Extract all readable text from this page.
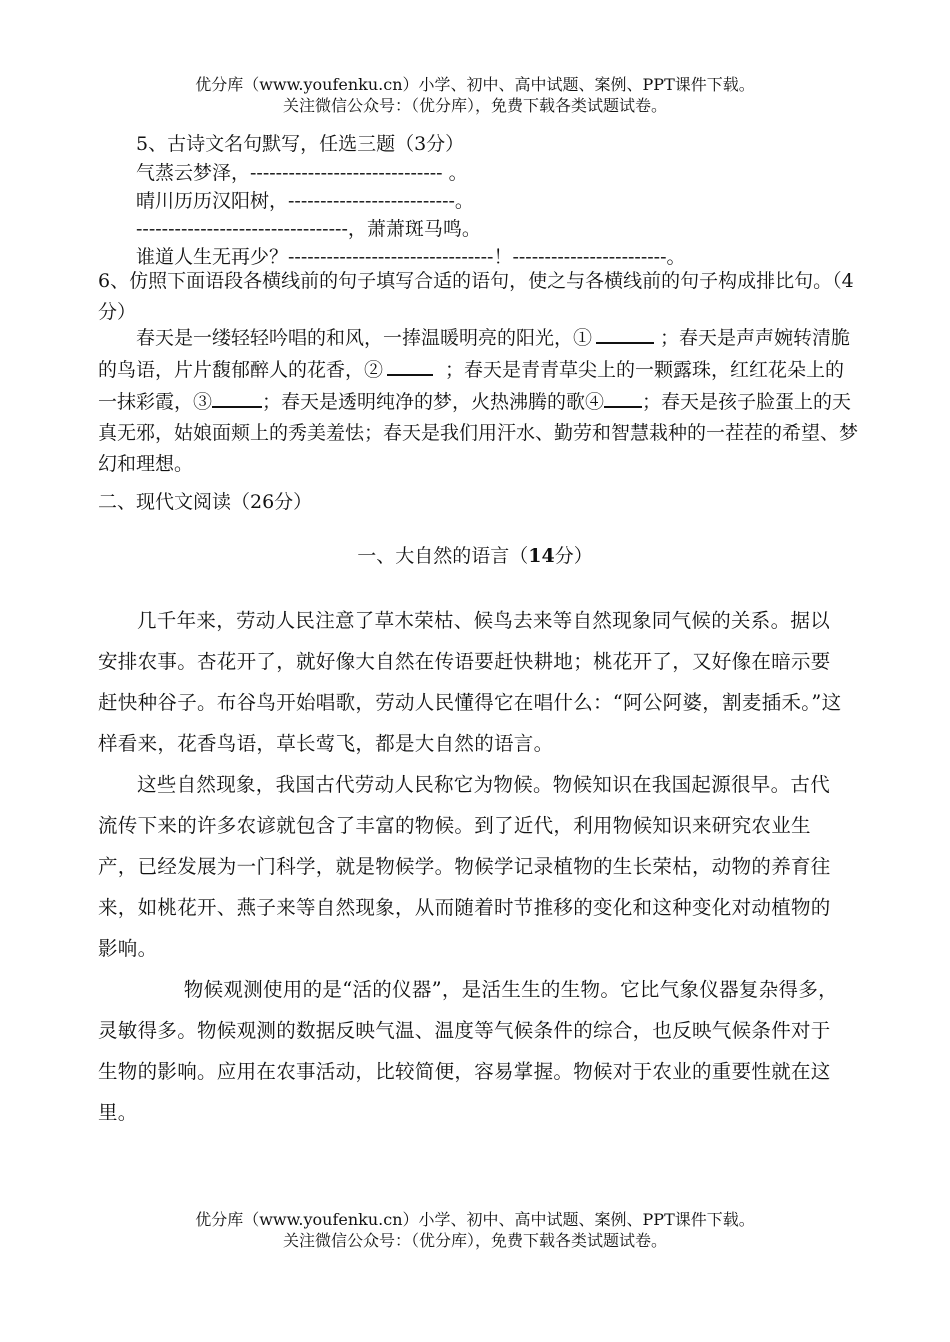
优分库（www.youfenku.cn）小学、初中、高中试题、案例、PPT课件下载。
关注微信公众号：（优分库），免费下载各类试题试卷。
5、古诗文名句默写，任选三题（3分）
气蒸云梦泽，------------------------------ 。
晴川历历汉阳树，--------------------------。
---------------------------------，萧萧斑马鸣。
谁道人生无再少？--------------------------------！------------------------。
6、仿照下面语段各横线前的句子填写合适的语句，使之与各横线前的句子构成排比句。（4分）
春天是一缕轻轻吟唱的和风，一捧温暖明亮的阳光，①	；春天是声声婉转清脆的鸟语，片片馥郁醉人的花香，②	；春天是青青草尖上的一颗露珠，红红花朵上的一抹彩霞，③	；春天是透明纯净的梦，火热沸腾的歌④ ；春天是孩子脸蛋上的天真无邪，姑娘面颊上的秀美羞怯；春天是我们用汗水、勤劳和智慧栽种的一茬茬的希望、梦幻和理想。
二、现代文阅读（26分）
一、大自然的语言（14分）

几千年来，劳动人民注意了草木荣枯、候鸟去来等自然现象同气候的关系。据以安排农事。杏花开了，就好像大自然在传语要赶快耕地；桃花开了，又好像在暗示要赶快种谷子。布谷鸟开始唱歌，劳动人民懂得它在唱什么：“阿公阿婆，割麦插禾。”这样看来，花香鸟语，草长莺飞，都是大自然的语言。

这些自然现象，我国古代劳动人民称它为物候。物候知识在我国起源很早。古代流传下来的许多农谚就包含了丰富的物候。到了近代，利用物候知识来研究农业生产，已经发展为一门科学，就是物候学。物候学记录植物的生长荣枯，动物的养育往来，如桃花开、燕子来等自然现象，从而随着时节推移的变化和这种变化对动植物的影响。

物候观测使用的是“活的仪器”，是活生生的生物。它比气象仪器复杂得多，灵敏得多。物候观测的数据反映气温、温度等气候条件的综合，也反映气候条件对于生物的影响。应用在农事活动，比较简便，容易掌握。物候对于农业的重要性就在这里。

优分库（www.youfenku.cn）小学、初中、高中试题、案例、PPT课件下载。
关注微信公众号：（优分库），免费下载各类试题试卷。
